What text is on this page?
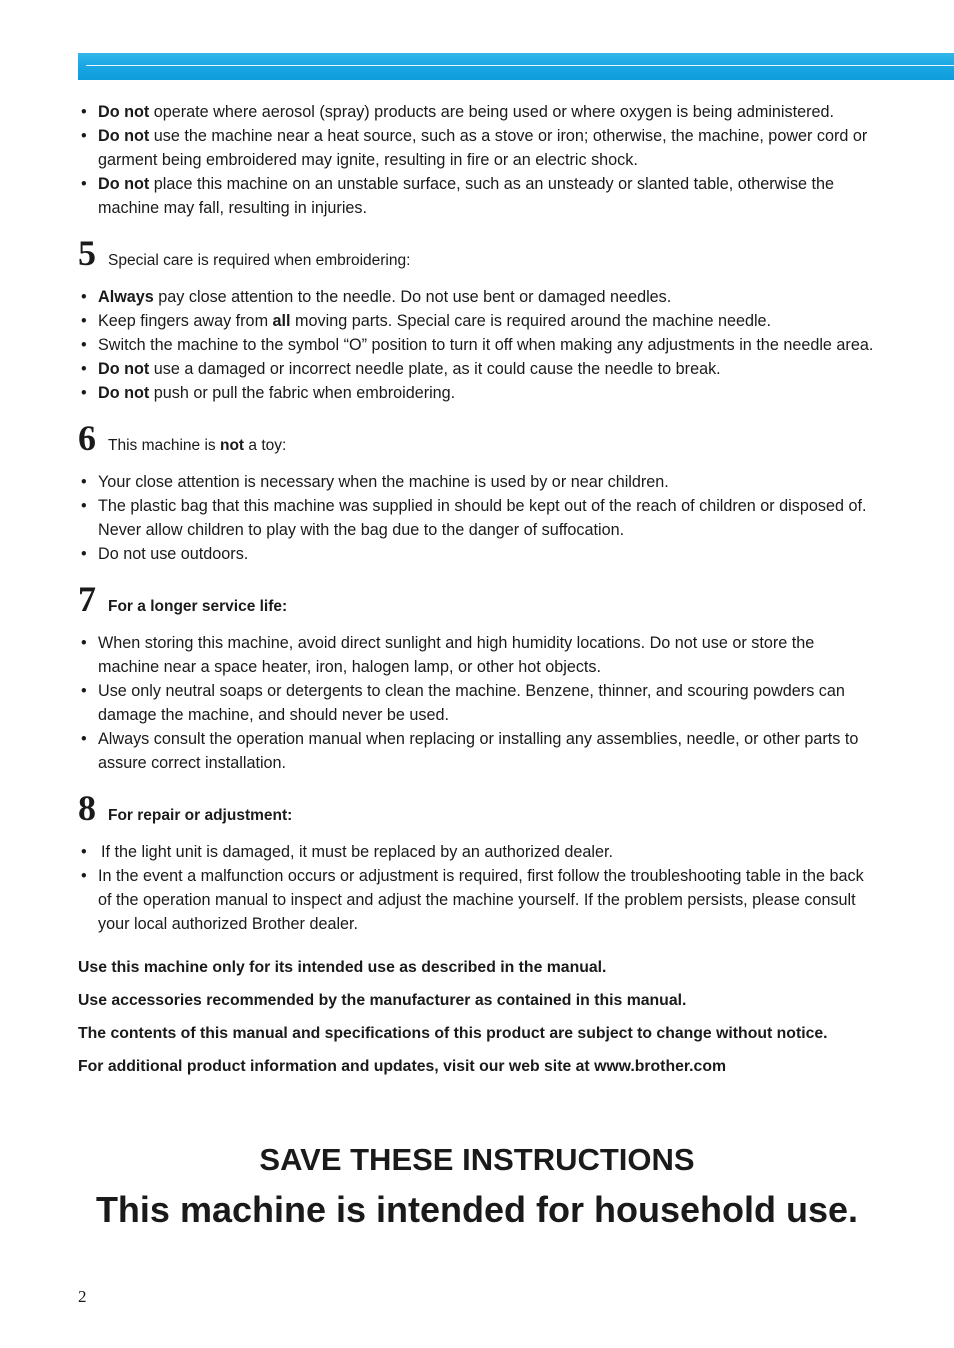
• Do not operate where aerosol (spray) products are being used or where oxygen is being administered.
• Do not use the machine near a heat source, such as a stove or iron; otherwise, the machine, power cord or garment being embroidered may ignite, resulting in fire or an electric shock.
• Do not place this machine on an unstable surface, such as an unsteady or slanted table, otherwise the machine may fall, resulting in injuries.
5 Special care is required when embroidering:
• Always pay close attention to the needle. Do not use bent or damaged needles.
• Keep fingers away from all moving parts. Special care is required around the machine needle.
• Switch the machine to the symbol “O” position to turn it off when making any adjustments in the needle area.
• Do not use a damaged or incorrect needle plate, as it could cause the needle to break.
• Do not push or pull the fabric when embroidering.
6 This machine is not a toy:
• Your close attention is necessary when the machine is used by or near children.
• The plastic bag that this machine was supplied in should be kept out of the reach of children or disposed of. Never allow children to play with the bag due to the danger of suffocation.
• Do not use outdoors.
7 For a longer service life:
• When storing this machine, avoid direct sunlight and high humidity locations. Do not use or store the machine near a space heater, iron, halogen lamp, or other hot objects.
• Use only neutral soaps or detergents to clean the machine. Benzene, thinner, and scouring powders can damage the machine, and should never be used.
• Always consult the operation manual when replacing or installing any assemblies, needle, or other parts to assure correct installation.
8 For repair or adjustment:
• If the light unit is damaged, it must be replaced by an authorized dealer.
• In the event a malfunction occurs or adjustment is required, first follow the troubleshooting table in the back of the operation manual to inspect and adjust the machine yourself. If the problem persists, please consult your local authorized Brother dealer.
Use this machine only for its intended use as described in the manual.
Use accessories recommended by the manufacturer as contained in this manual.
The contents of this manual and specifications of this product are subject to change without notice.
For additional product information and updates, visit our web site at www.brother.com
SAVE THESE INSTRUCTIONS
This machine is intended for household use.
2
